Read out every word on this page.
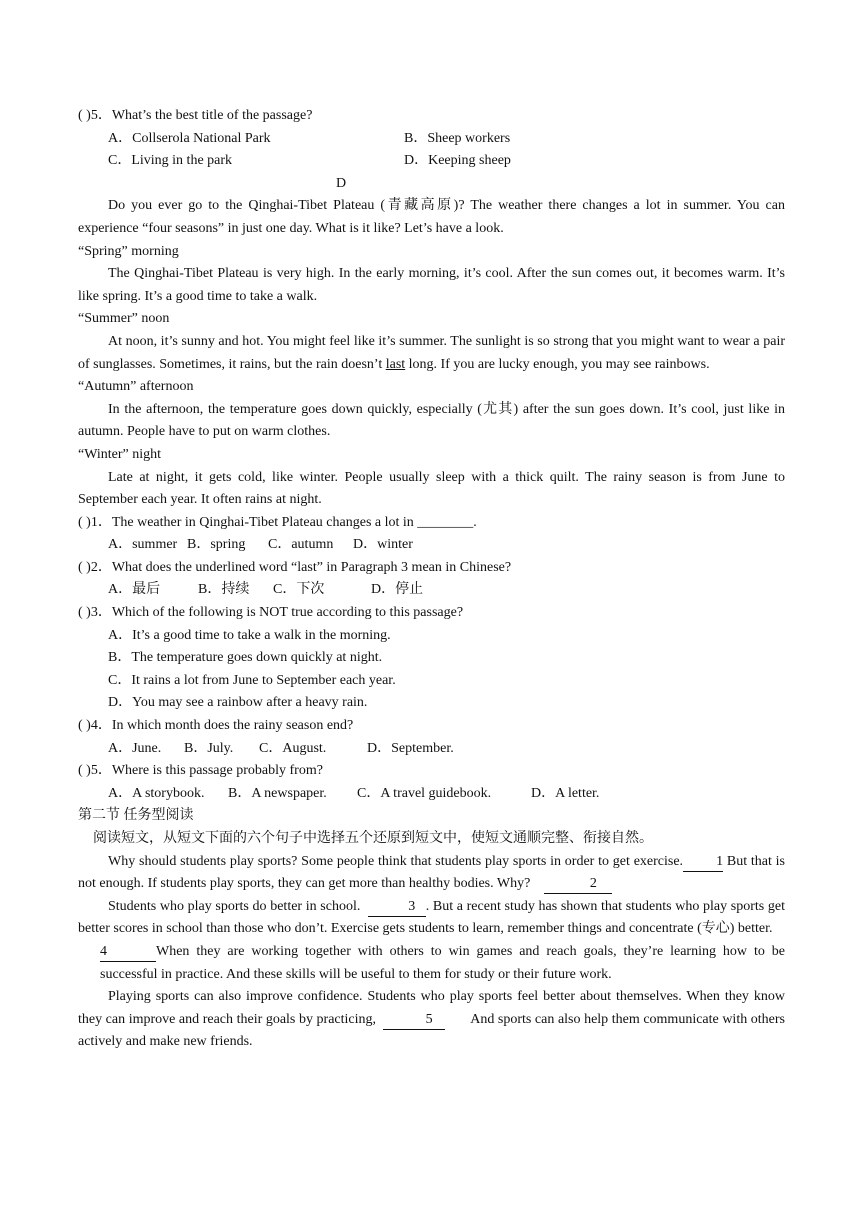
( )5．What’s the best title of the passage?
A．Collserola National Park	B．Sheep workers
C．Living in the park	D．Keeping sheep
D
Do you ever go to the Qinghai-Tibet Plateau (青藏高原)? The weather there changes a lot in summer. You can experience “four seasons” in just one day. What is it like? Let’s have a look.
“Spring” morning
The Qinghai-Tibet Plateau is very high. In the early morning, it’s cool. After the sun comes out, it becomes warm. It’s like spring. It’s a good time to take a walk.
“Summer” noon
At noon, it’s sunny and hot. You might feel like it’s summer. The sunlight is so strong that you might want to wear a pair of sunglasses. Sometimes, it rains, but the rain doesn’t last long. If you are lucky enough, you may see rainbows.
“Autumn” afternoon
In the afternoon, the temperature goes down quickly, especially (尤其) after the sun goes down. It’s cool, just like in autumn. People have to put on warm clothes.
“Winter” night
Late at night, it gets cold, like winter. People usually sleep with a thick quilt. The rainy season is from June to September each year. It often rains at night.
( )1．The weather in Qinghai-Tibet Plateau changes a lot in ________.
A．summer B．spring C．autumn D．winter
( )2．What does the underlined word “last” in Paragraph 3 mean in Chinese?
A．最后	B．持续 C．下次	D．停止
( )3．Which of the following is NOT true according to this passage?
A．It’s a good time to take a walk in the morning.
B．The temperature goes down quickly at night.
C．It rains a lot from June to September each year.
D．You may see a rainbow after a heavy rain.
( )4．In which month does the rainy season end?
A．June. B．July. C．August.	D．September.
( )5．Where is this passage probably from?
A．A storybook. B．A newspaper. C．A travel guidebook.	D．A letter.
第二节 任务型阅读
阅读短文，从短文下面的六个句子中选择五个还原到短文中，使短文通顺完整、衔接自然。
Why should students play sports? Some people think that students play sports in order to get exercise. 1 But that is not enough. If students play sports, they can get more than healthy bodies. Why?	2
Students who play sports do better in school.	3 . But a recent study has shown that students who play sports get better scores in school than those who don’t. Exercise gets students to learn, remember things and concentrate (专心) better.
4	When they are working together with others to win games and reach goals, they’re learning how to be successful in practice. And these skills will be useful to them for study or their future work.
Playing sports can also improve confidence. Students who play sports feel better about themselves. When they know they can improve and reach their goals by practicing,	5	And sports can also help them communicate with others actively and make new friends.
